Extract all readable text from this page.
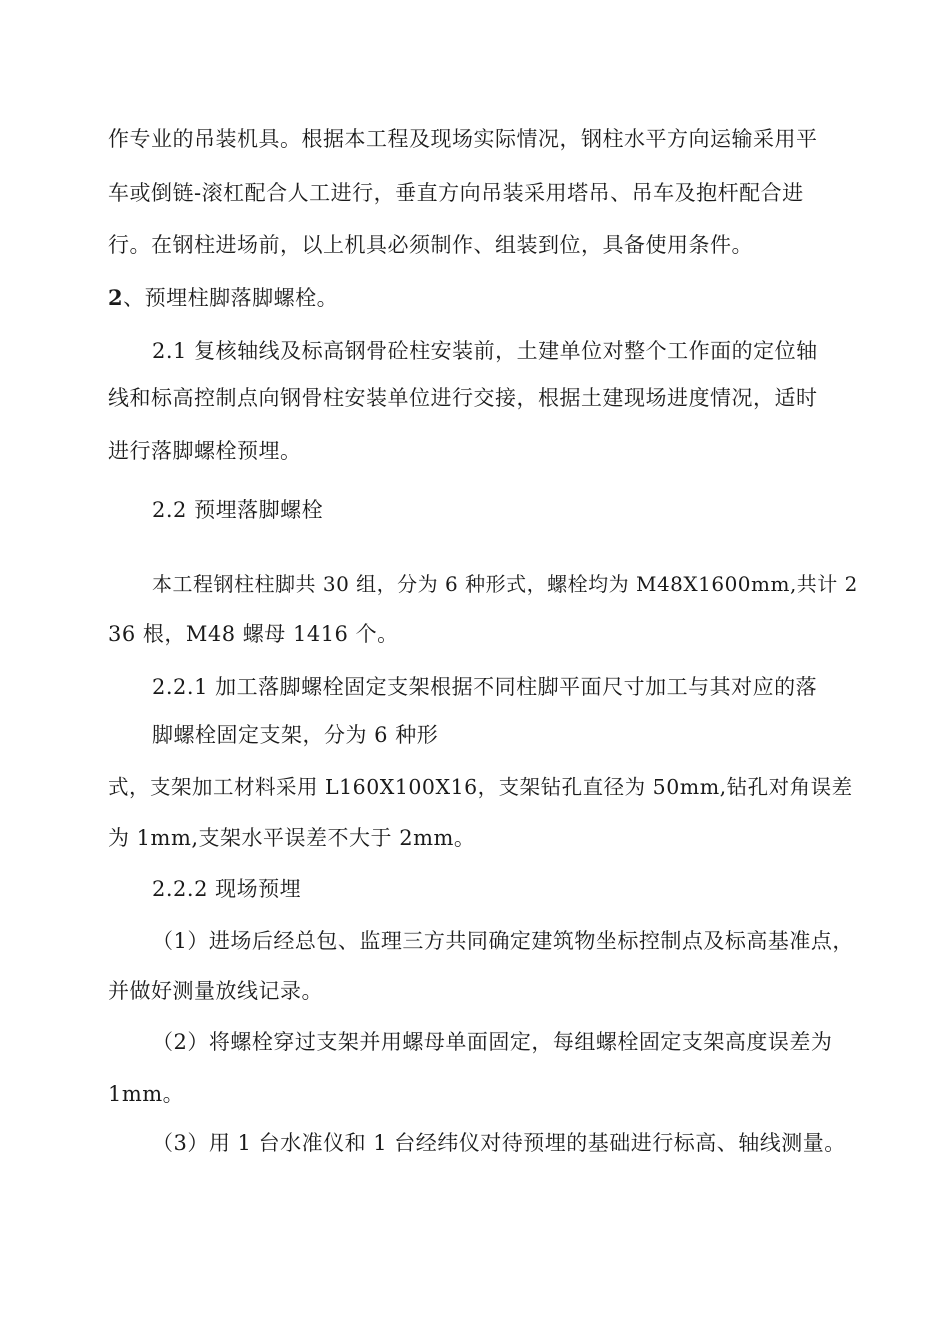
作专业的吊装机具。根据本工程及现场实际情况，钢柱水平方向运输采用平
车或倒链-滚杠配合人工进行，垂直方向吊装采用塔吊、吊车及抱杆配合进
行。在钢柱进场前，以上机具必须制作、组装到位，具备使用条件。
2、预埋柱脚落脚螺栓。
2.1 复核轴线及标高钢骨砼柱安装前，土建单位对整个工作面的定位轴
线和标高控制点向钢骨柱安装单位进行交接，根据土建现场进度情况，适时
进行落脚螺栓预埋。
2.2 预埋落脚螺栓
本工程钢柱柱脚共 30 组，分为 6 种形式，螺栓均为 M48X1600mm,共计 2
36 根，M48 螺母 1416 个。
2.2.1 加工落脚螺栓固定支架根据不同柱脚平面尺寸加工与其对应的落
脚螺栓固定支架，分为 6 种形
式，支架加工材料采用 L160X100X16，支架钻孔直径为 50mm,钻孔对角误差
为 1mm,支架水平误差不大于 2mm。
2.2.2 现场预埋
（1）进场后经总包、监理三方共同确定建筑物坐标控制点及标高基准点，
并做好测量放线记录。
（2）将螺栓穿过支架并用螺母单面固定，每组螺栓固定支架高度误差为
1mm。
（3）用 1 台水准仪和 1 台经纬仪对待预埋的基础进行标高、轴线测量。
